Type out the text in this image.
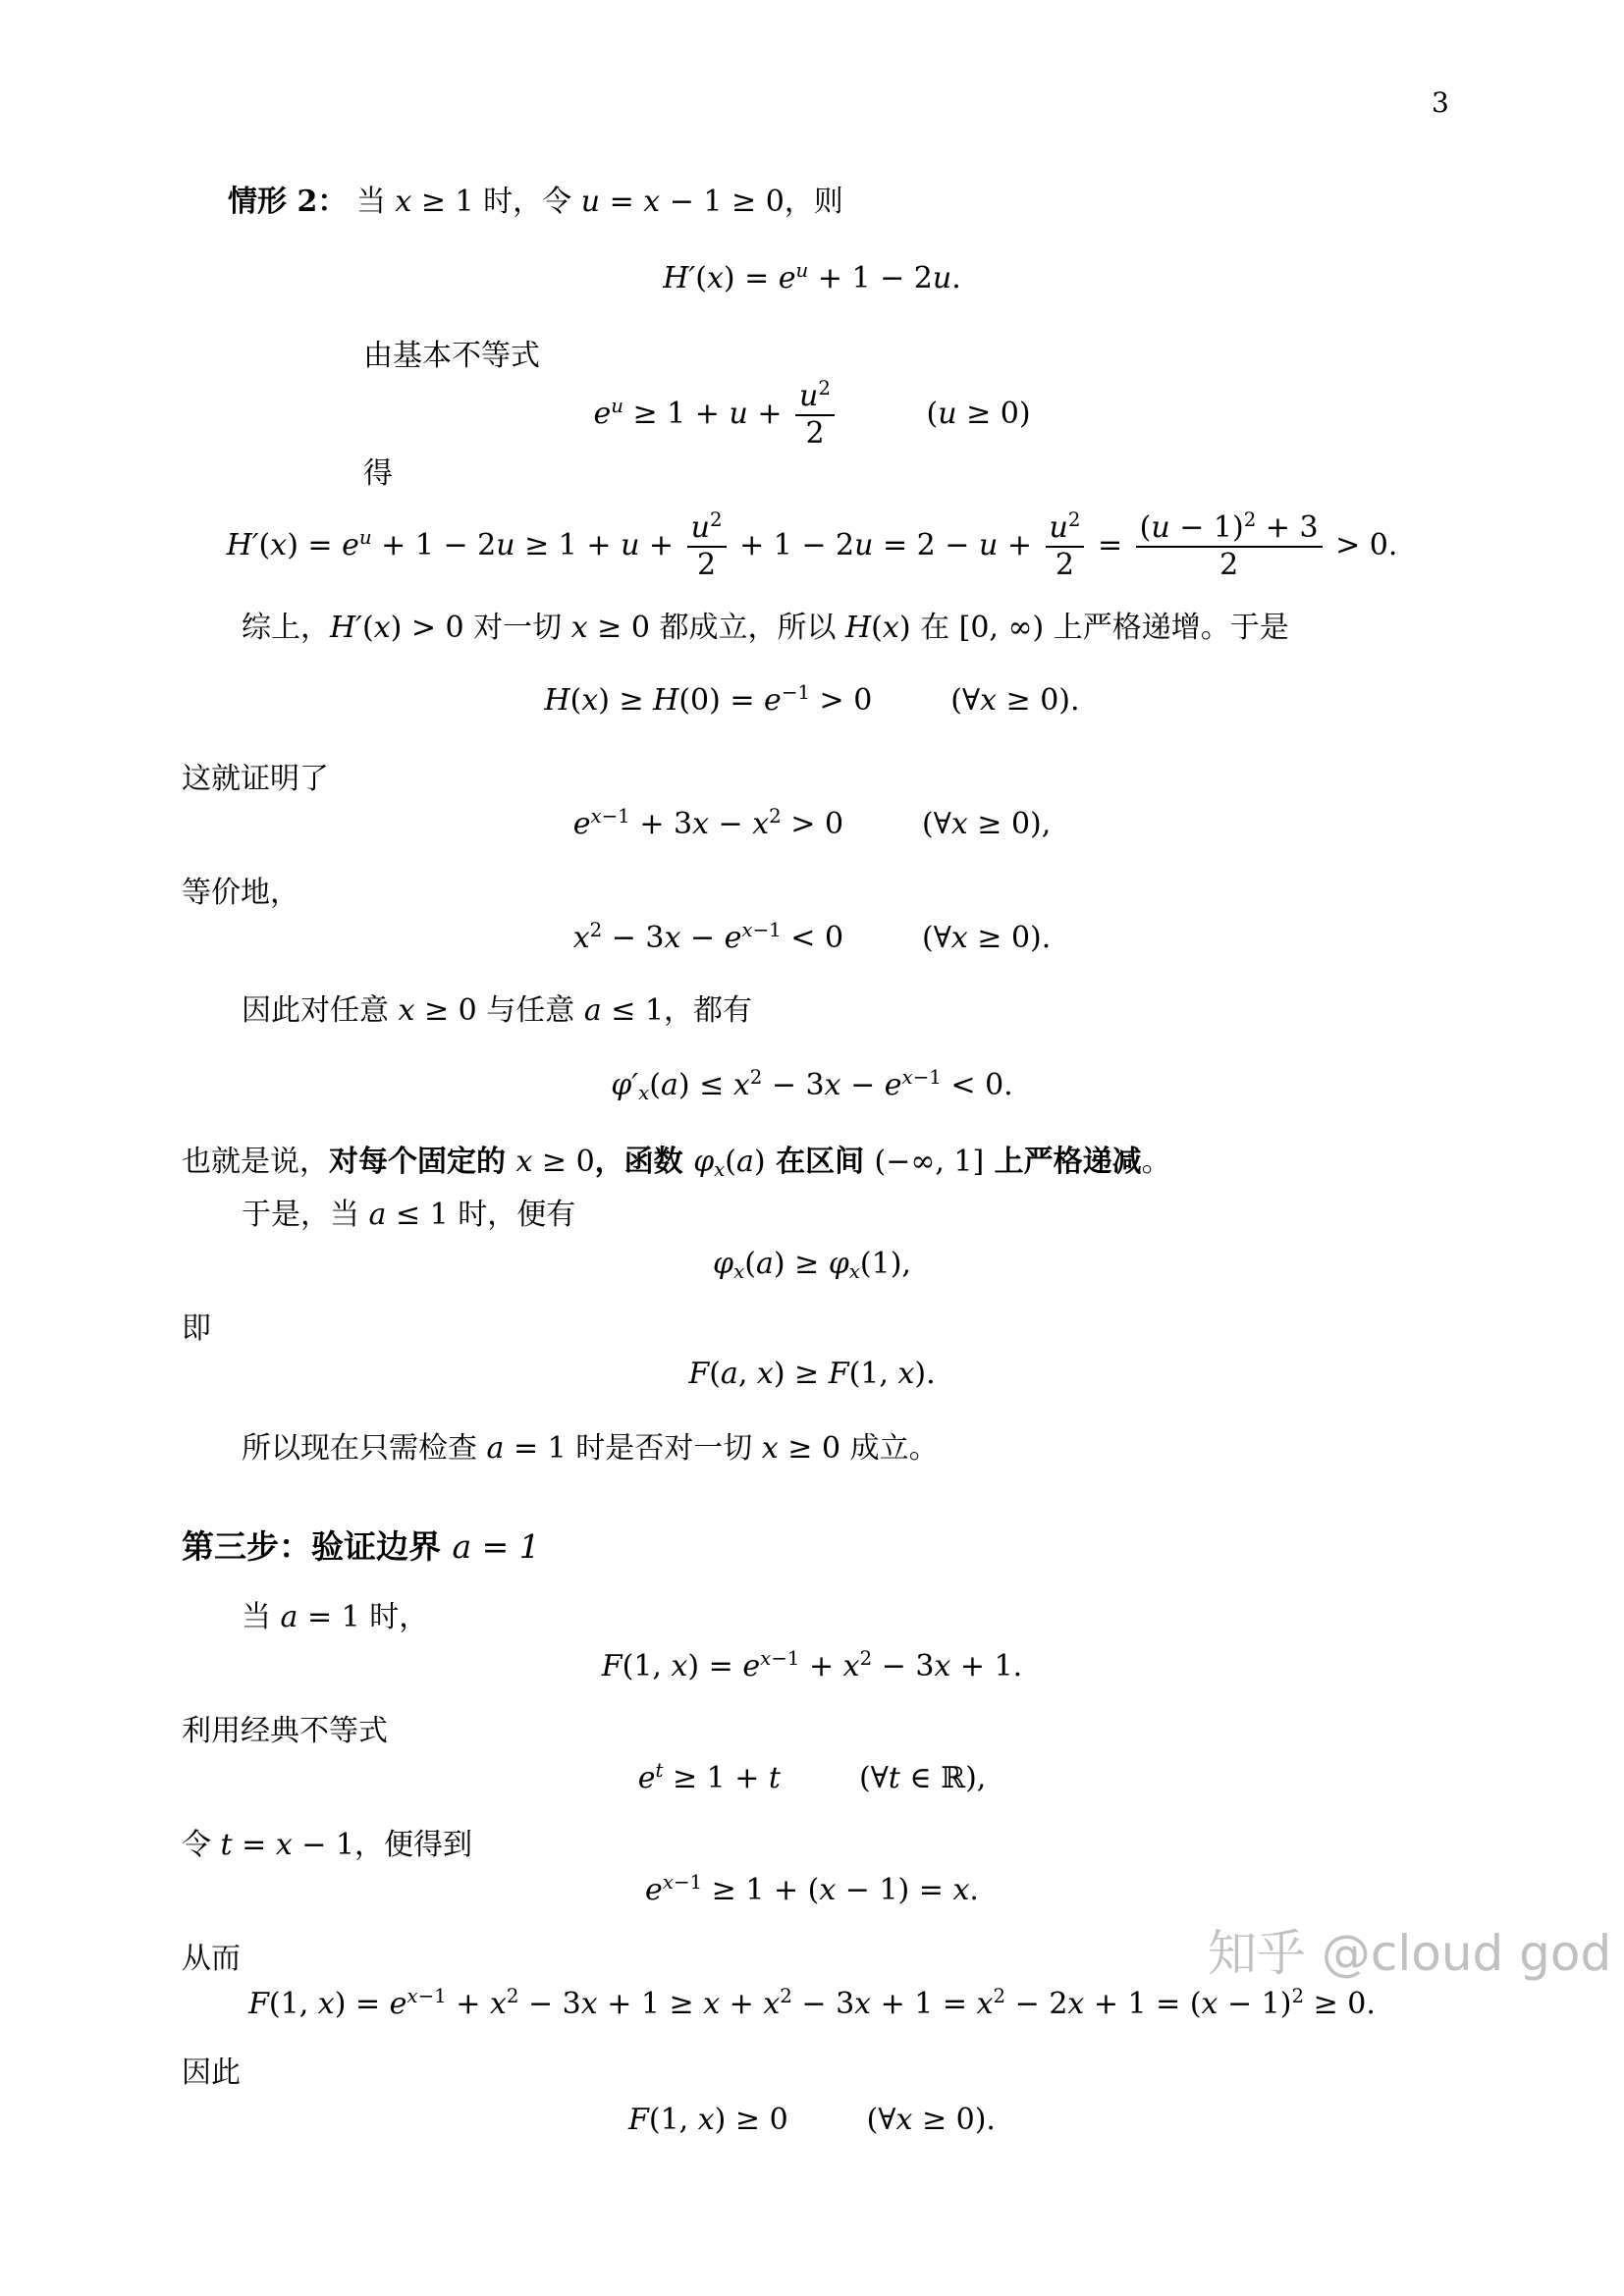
3
情形 2： 当 x ≥ 1 时，令 u = x − 1 ≥ 0，则
$H'(x) = e^u + 1 - 2u$.
由基本不等式
$e^u \ge 1 + u + \frac{u^2}{2}$	(u ≥ 0)
得
$H'(x) = e^u + 1 - 2u \ge 1 + u + \frac{u^2}{2} + 1 - 2u = 2 - u + \frac{u^2}{2} = \frac{(u - 1)^2 + 3}{2} > 0$.
综上，H′(x) > 0 对一切 x ≥ 0 都成立，所以 H(x) 在 [0, ∞) 上严格递增。于是
$H(x) \ge H(0) = e^{-1} > 0$	(∀x ≥ 0).
这就证明了
$e^{x-1} + 3x - x^2 > 0$	(∀x ≥ 0),
等价地，
$x^2 - 3x - e^{x-1} < 0$	(∀x ≥ 0).
因此对任意 x ≥ 0 与任意 a ≤ 1，都有
$\varphi'_x(a) \le x^2 - 3x - e^{x-1} < 0$.
也就是说，对每个固定的 x ≥ 0，函数 $\varphi_x(a)$ 在区间 (−∞, 1] 上严格递减。
于是，当 a ≤ 1 时，便有
$\varphi_x(a) \ge \varphi_x(1)$,
即
F(a, x) ≥ F(1, x).
所以现在只需检查 a = 1 时是否对一切 x ≥ 0 成立。
第三步：验证边界 a = 1
当 a = 1 时，
F(1, $x) = e^{x-1} + x^2 - 3x + 1$.
利用经典不等式
$e^t \ge 1 + t$	(∀t ∈ ℝ),
令 t = x − 1，便得到
$e^{x-1} \ge 1 + (x - 1) = x$.
从而
F(1, $x) = e^{x-1} + x^2 - 3x + 1 \ge x + x^2 - 3x + 1 = x^2 - 2x + 1 = (x - 1)^2 \ge 0$.
因此
F(1, x) ≥ 0	(∀x ≥ 0).
知乎 @cloud god
